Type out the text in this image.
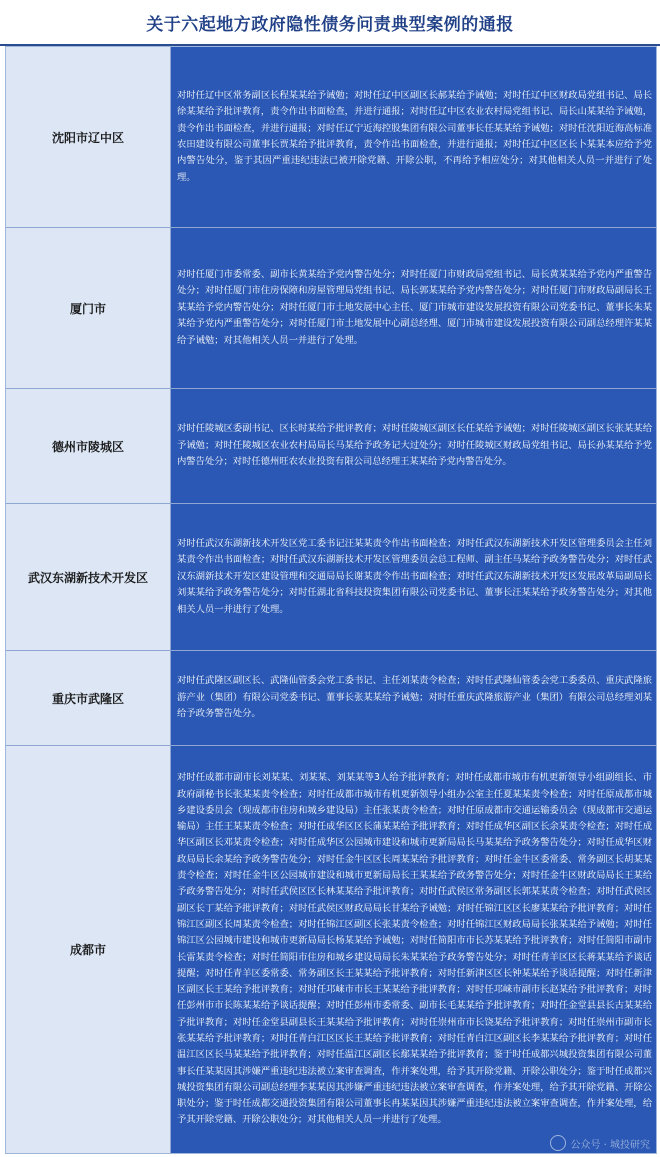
关于六起地方政府隐性债务问责典型案例的通报
沈阳市辽中区
对时任辽中区常务副区长程某某给予诫勉；对时任辽中区副区长郝某给予诫勉；对时任辽中区财政局党组书记、局长徐某某给予批评教育，责令作出书面检查，并进行通报；对时任辽中区农业农村局党组书记、局长山某某给予诫勉，责令作出书面检查，并进行通报；对时任辽宁近海控股集团有限公司董事长任某某给予诫勉；对时任沈阳近海高标准农田建设有限公司董事长贾某给予批评教育，责令作出书面检查，并进行通报；对时任辽中区区长卜某某本应给予党内警告处分，鉴于其因严重违纪违法已被开除党籍、开除公职，不再给予相应处分；对其他相关人员一并进行了处理。
厦门市
对时任厦门市委常委、副市长黄某给予党内警告处分；对时任厦门市财政局党组书记、局长黄某某给予党内严重警告处分；对时任厦门市住房保障和房屋管理局党组书记、局长郭某某给予党内警告处分；对时任厦门市财政局副局长王某某给予党内警告处分；对时任厦门市土地发展中心主任、厦门市城市建设发展投资有限公司党委书记、董事长朱某某给予党内严重警告处分；对时任厦门市土地发展中心副总经理、厦门市城市建设发展投资有限公司副总经理许某某给予诫勉；对其他相关人员一并进行了处理。
德州市陵城区
对时任陵城区委副书记、区长时某给予批评教育；对时任陵城区副区长任某给予诫勉；对时任陵城区副区长张某某给予诫勉；对时任陵城区农业农村局局长马某给予政务记大过处分；对时任陵城区财政局党组书记、局长孙某某给予党内警告处分；对时任德州旺农农业投资有限公司总经理王某某给予党内警告处分。
武汉东湖新技术开发区
对时任武汉东湖新技术开发区党工委书记汪某某责令作出书面检查；对时任武汉东湖新技术开发区管理委员会主任刘某责令作出书面检查；对时任武汉东湖新技术开发区管理委员会总工程师、副主任马某给予政务警告处分；对时任武汉东湖新技术开发区建设管理和交通局局长谢某责令作出书面检查；对时任武汉东湖新技术开发区发展改革局副局长刘某某给予政务警告处分；对时任湖北省科技投资集团有限公司党委书记、董事长汪某某给予政务警告处分；对其他相关人员一并进行了处理。
重庆市武隆区
对时任武隆区副区长、武隆仙管委会党工委书记、主任刘某责令检查；对时任武隆仙管委会党工委委员、重庆武隆旅游产业（集团）有限公司党委书记、董事长张某某给予诫勉；对时任重庆武隆旅游产业（集团）有限公司总经理刘某给予政务警告处分。
成都市
对时任成都市副市长刘某某、刘某某、刘某某等3人给予批评教育；对时任成都市城市有机更新领导小组副组长、市政府副秘书长张某某责令检查；对时任成都市城市有机更新领导小组办公室主任夏某某责令检查；对时任原成都市城乡建设委员会（现成都市住房和城乡建设局）主任张某责令检查；对时任原成都市交通运输委员会（现成都市交通运输局）主任王某某责令检查；对时任成华区区长蒲某某给予批评教育；对时任成华区副区长余某责令检查；对时任成华区副区长邓某责令检查；对时任成华区公园城市建设和城市更新局局长马某某给予政务警告处分；对时任成华区财政局局长余某给予政务警告处分；对时任金牛区区长周某某给予批评教育；对时任金牛区委常委、常务副区长胡某某责令检查；对时任金牛区公园城市建设和城市更新局局长王某某给予政务警告处分；对时任金牛区财政局局长王某给予政务警告处分；对时任武侯区区长林某某给予批评教育；对时任武侯区常务副区长郭某某责令检查；对时任武侯区副区长丁某给予批评教育；对时任武侯区财政局局长甘某给予诫勉；对时任锦江区区长廖某某给予批评教育；对时任锦江区副区长周某责令检查；对时任锦江区副区长张某责令检查；对时任锦江区财政局局长张某某给予诫勉；对时任锦江区公园城市建设和城市更新局局长杨某某给予诫勉；对时任简阳市市长苏某某给予批评教育；对时任简阳市副市长雷某责令检查；对时任简阳市住房和城乡建设局局长朱某某给予政务警告处分；对时任青羊区区长蒋某某给予谈话提醒；对时任青羊区委常委、常务副区长王某某给予批评教育；对时任新津区区长钟某某给予谈话提醒；对时任新津区副区长王某给予批评教育；对时任邛崃市市长王某某给予批评教育；对时任邛崃市副市长赵某给予批评教育；对时任彭州市市长陈某某给予谈话提醒；对时任彭州市委常委、副市长毛某某给予批评教育；对时任金堂县县长古某某给予批评教育；对时任金堂县副县长王某某给予批评教育；对时任崇州市市长饶某给予批评教育；对时任崇州市副市长张某某给予批评教育；对时任青白江区区长王某给予批评教育；对时任青白江区副区长李某某给予批评教育；对时任温江区区长马某某给予批评教育；对时任温江区副区长鄢某某给予批评教育；鉴于时任成都兴城投资集团有限公司董事长任某某因其涉嫌严重违纪违法被立案审查调查，作并案处理，给予其开除党籍、开除公职处分；鉴于时任成都兴城投资集团有限公司副总经理李某某因其涉嫌严重违纪违法被立案审查调查，作并案处理，给予其开除党籍、开除公职处分；鉴于时任成都交通投资集团有限公司董事长冉某某因其涉嫌严重违纪违法被立案审查调查，作并案处理，给予其开除党籍、开除公职处分；对其他相关人员一并进行了处理。
公众号 · 城投研究
